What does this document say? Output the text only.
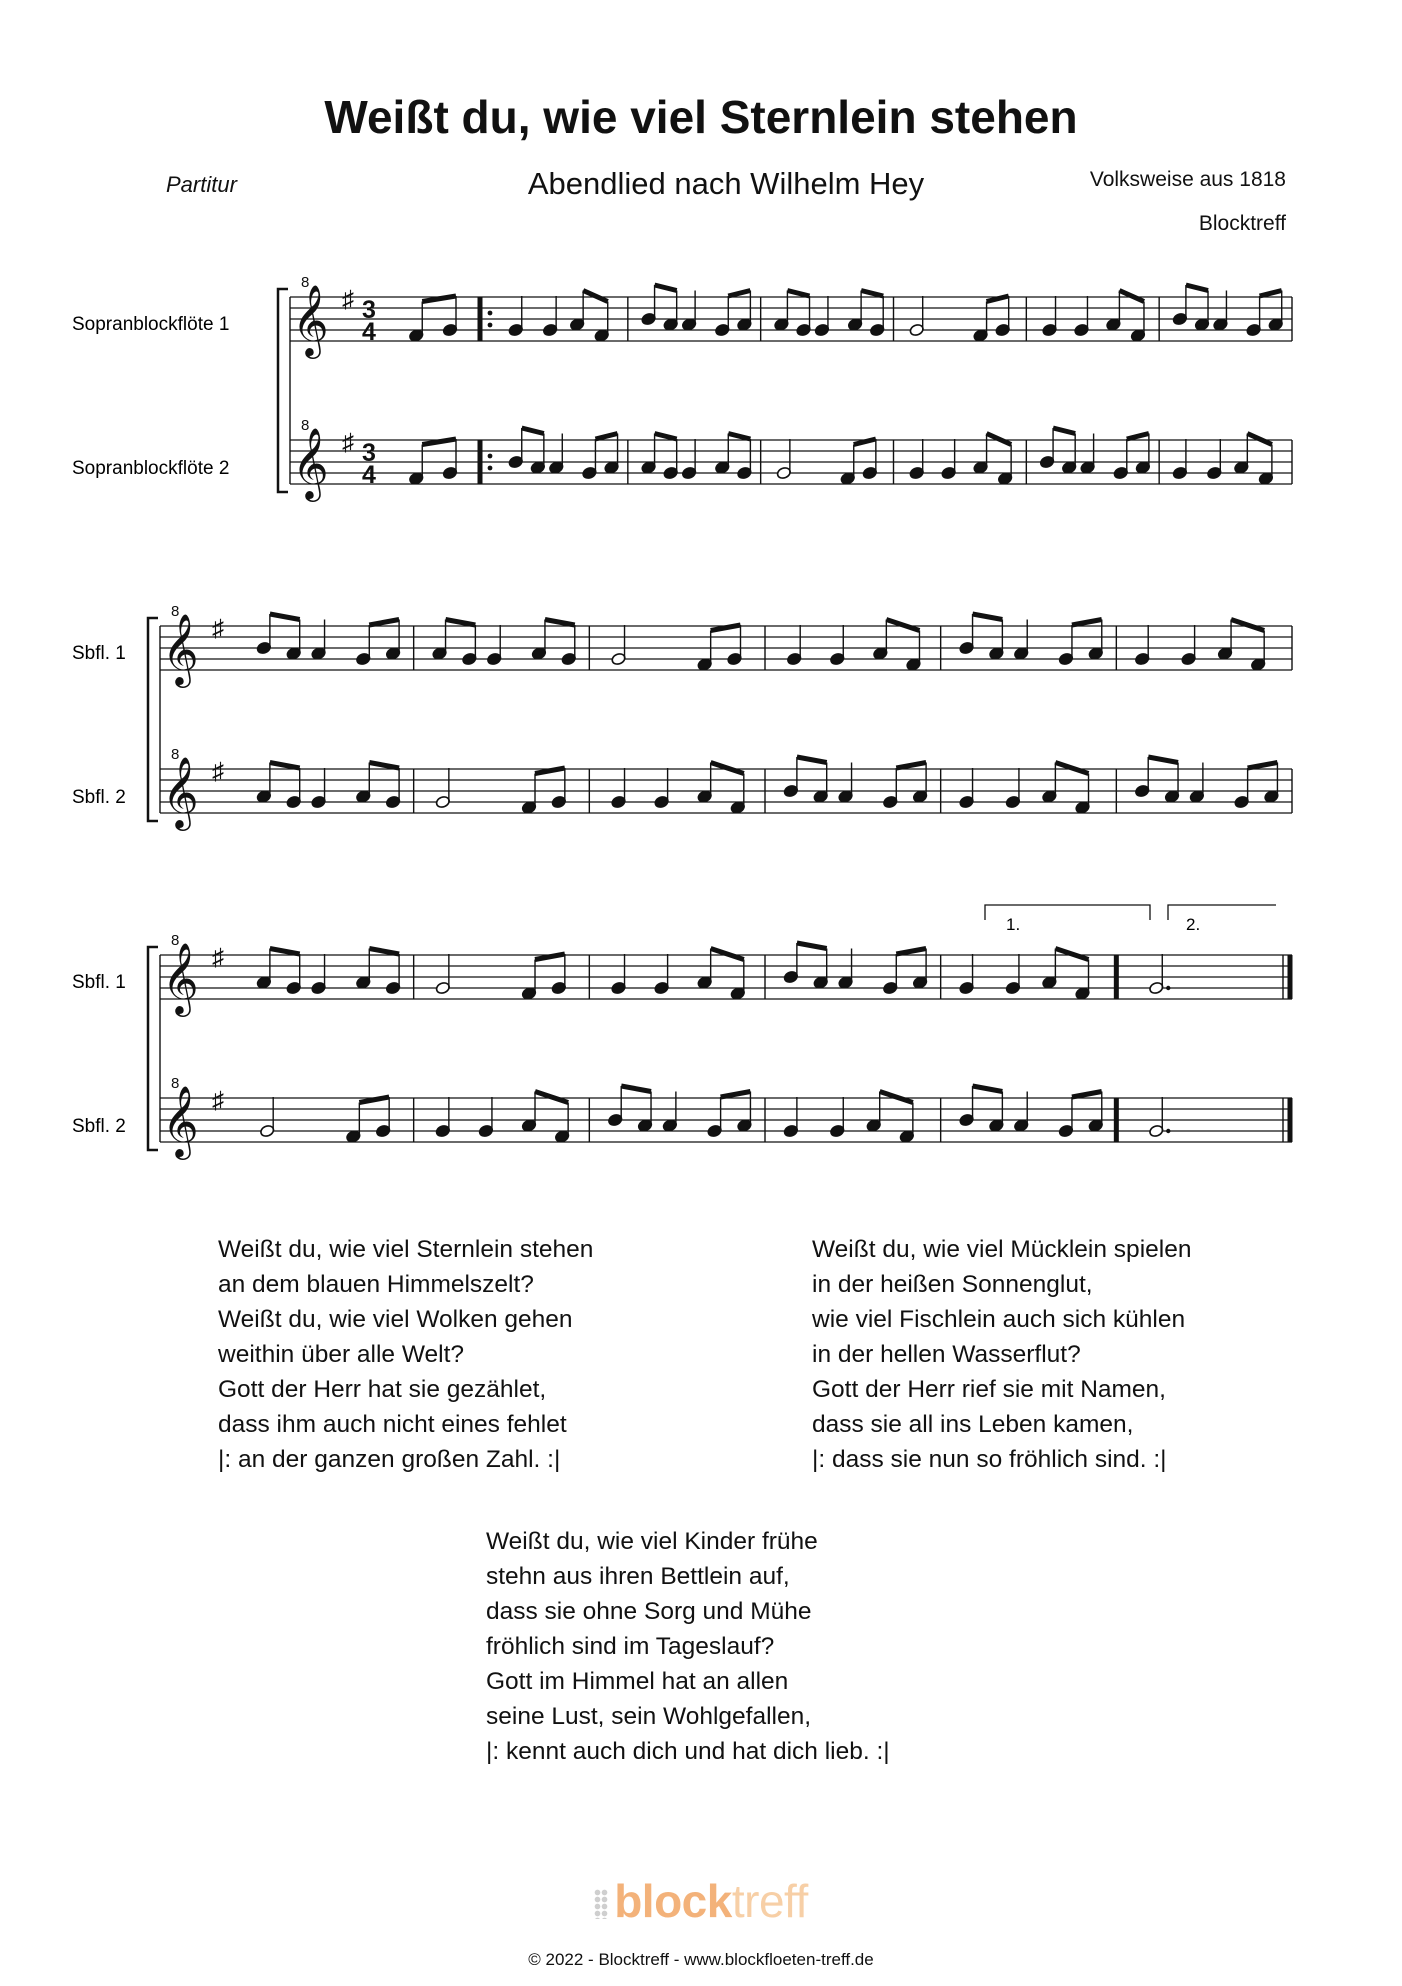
Weißt du, wie viel Sternlein stehen
Partitur	Abendlied nach Wilhelm Hey	Volksweise aus 1818
Blocktreff
Sopranblockflöte 1
Sopranblockflöte 2
Sbfl. 1
Sbfl. 2
Sbfl. 1
Sbfl. 2
1.	2.
𝄞
8
♯ 3
4
𝄞
8
♯ 3
4
𝄞
8
♯
𝄞
8
♯
𝄞
8
♯
𝄞
8
♯
Weißt du, wie viel Sternlein stehen
an dem blauen Himmelszelt?
Weißt du, wie viel Wolken gehen
weithin über alle Welt?
Gott der Herr hat sie gezählet,
dass ihm auch nicht eines fehlet
|: an der ganzen großen Zahl. :|
Weißt du, wie viel Mücklein spielen
in der heißen Sonnenglut,
wie viel Fischlein auch sich kühlen
in der hellen Wasserflut?
Gott der Herr rief sie mit Namen,
dass sie all ins Leben kamen,
|: dass sie nun so fröhlich sind. :|
Weißt du, wie viel Kinder frühe
stehn aus ihren Bettlein auf,
dass sie ohne Sorg und Mühe
fröhlich sind im Tageslauf?
Gott im Himmel hat an allen
seine Lust, sein Wohlgefallen,
|: kennt auch dich und hat dich lieb. :|
blocktreff
© 2022 - Blocktreff - www.blockfloeten-treff.de
